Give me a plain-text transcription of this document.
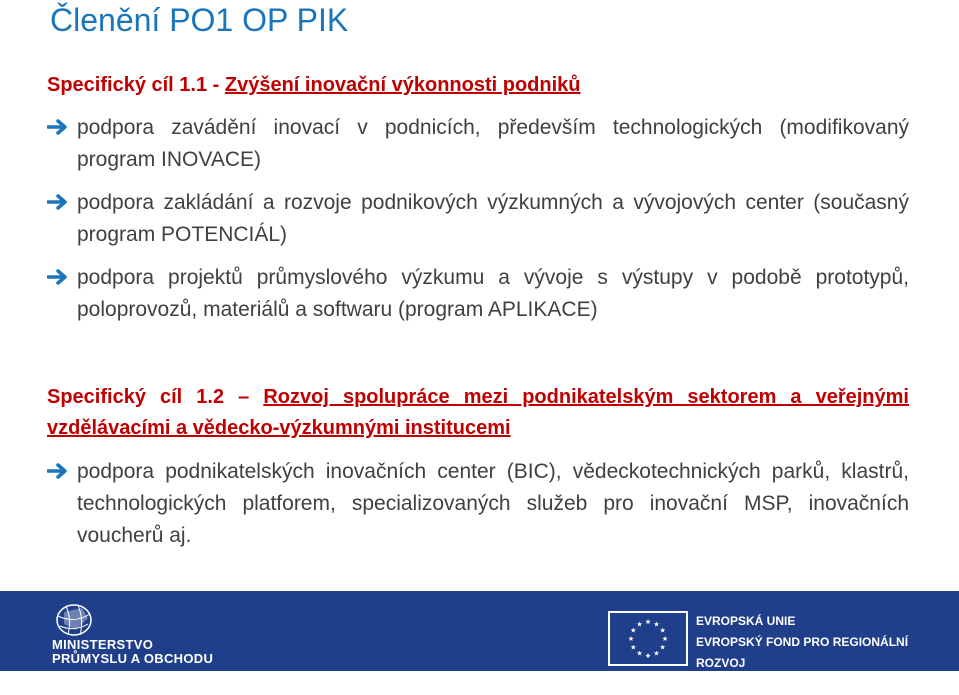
Členění PO1 OP PIK
Specifický cíl 1.1 - Zvýšení inovační výkonnosti podniků
podpora zavádění inovací v podnicích, především technologických (modifikovaný program INOVACE)
podpora zakládání a rozvoje podnikových výzkumných a vývojových center (současný program POTENCIÁL)
podpora projektů průmyslového výzkumu a vývoje s výstupy v podobě prototypů, poloprovozů, materiálů a softwaru (program APLIKACE)
Specifický cíl 1.2 – Rozvoj spolupráce mezi podnikatelským sektorem a veřejnými vzdělávacími a vědecko-výzkumnými institucemi
podpora podnikatelských inovačních center (BIC), vědeckotechnických parků, klastrů, technologických platforem, specializovaných služeb pro inovační MSP, inovačních voucherů aj.
MINISTERSTVO
PRŮMYSLU A OBCHODU
★ ★
★
★
★
★
★
★
★
★
★
★	EVROPSKÁ UNIE
EVROPSKÝ FOND PRO REGIONÁLNÍ ROZVOJ
INVESTICE DO VAŠÍ BUDOUCNOSTI
